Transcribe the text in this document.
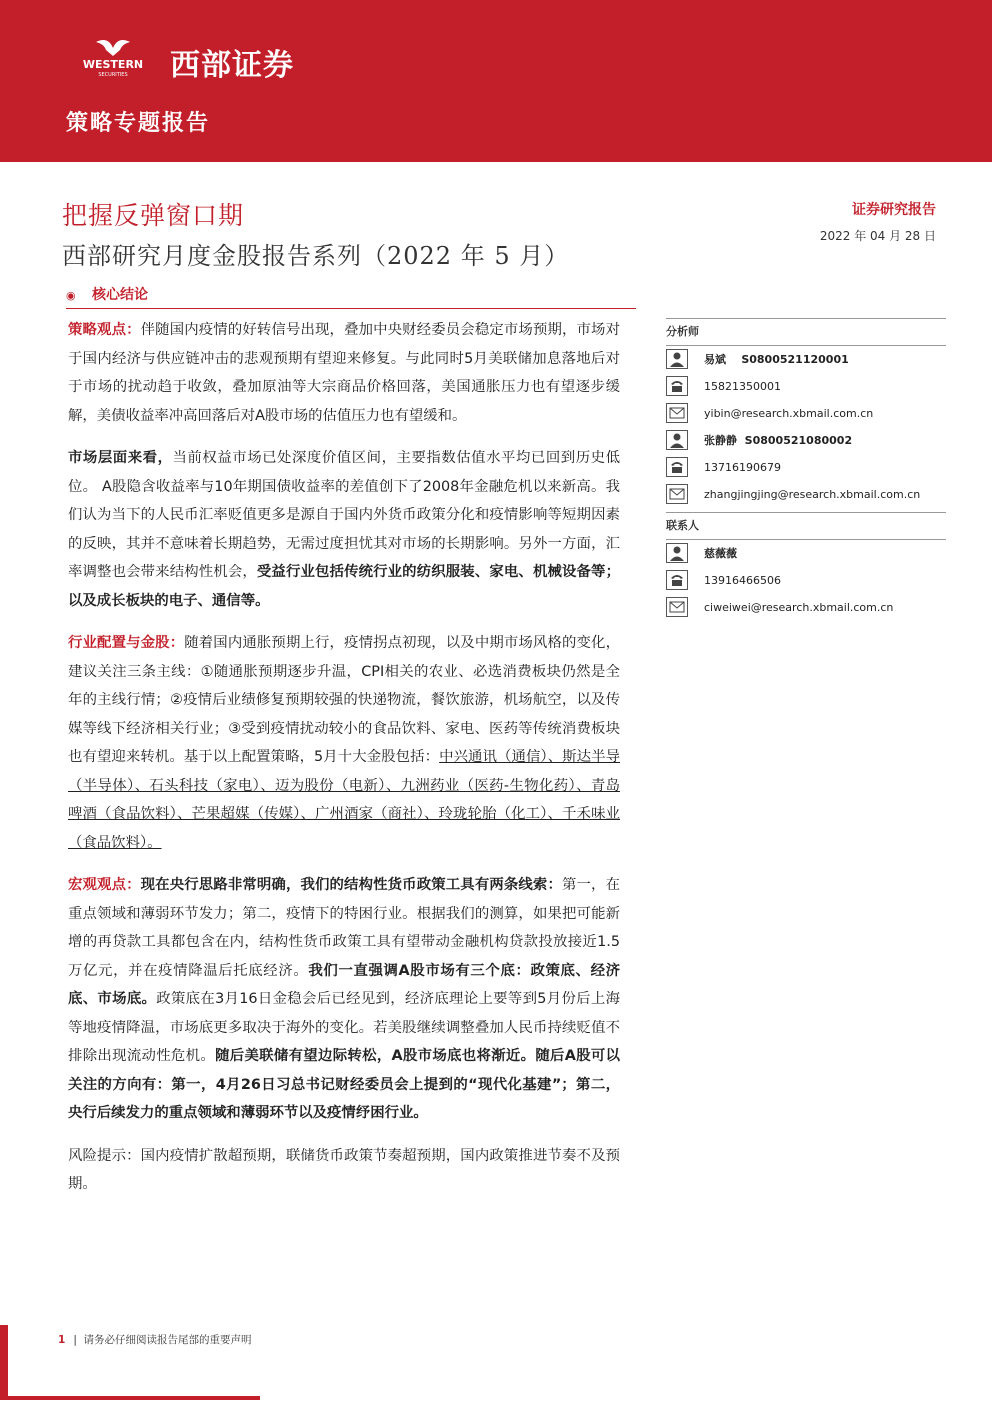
WESTERN
SECURITIES 西部证券
策略专题报告
把握反弹窗口期
西部研究月度金股报告系列（2022 年 5 月）
证券研究报告
2022 年 04 月 28 日
◉ 核心结论

策略观点：伴随国内疫情的好转信号出现，叠加中央财经委员会稳定市场预期，市场对于国内经济与供应链冲击的悲观预期有望迎来修复。与此同时5月美联储加息落地后对于市场的扰动趋于收敛，叠加原油等大宗商品价格回落，美国通胀压力也有望逐步缓解，美债收益率冲高回落后对A股市场的估值压力也有望缓和。

市场层面来看，当前权益市场已处深度价值区间，主要指数估值水平均已回到历史低位。 A股隐含收益率与10年期国债收益率的差值创下了2008年金融危机以来新高。我们认为当下的人民币汇率贬值更多是源自于国内外货币政策分化和疫情影响等短期因素的反映，其并不意味着长期趋势，无需过度担忧其对市场的长期影响。另外一方面，汇率调整也会带来结构性机会，受益行业包括传统行业的纺织服装、家电、机械设备等；以及成长板块的电子、通信等。

行业配置与金股：随着国内通胀预期上行，疫情拐点初现，以及中期市场风格的变化，建议关注三条主线：①随通胀预期逐步升温，CPI相关的农业、必选消费板块仍然是全年的主线行情；②疫情后业绩修复预期较强的快递物流，餐饮旅游，机场航空，以及传媒等线下经济相关行业；③受到疫情扰动较小的食品饮料、家电、医药等传统消费板块也有望迎来转机。基于以上配置策略，5月十大金股包括：中兴通讯（通信）、斯达半导（半导体）、石头科技（家电）、迈为股份（电新）、九洲药业（医药-生物化药）、青岛啤酒（食品饮料）、芒果超媒（传媒）、广州酒家（商社）、玲珑轮胎（化工）、千禾味业（食品饮料）。

宏观观点：现在央行思路非常明确，我们的结构性货币政策工具有两条线索：第一，在重点领域和薄弱环节发力；第二，疫情下的特困行业。根据我们的测算，如果把可能新增的再贷款工具都包含在内，结构性货币政策工具有望带动金融机构贷款投放接近1.5万亿元，并在疫情降温后托底经济。我们一直强调A股市场有三个底：政策底、经济底、市场底。政策底在3月16日金稳会后已经见到，经济底理论上要等到5月份后上海等地疫情降温，市场底更多取决于海外的变化。若美股继续调整叠加人民币持续贬值不排除出现流动性危机。随后美联储有望边际转松，A股市场底也将渐近。随后A股可以关注的方向有：第一，4月26日习总书记财经委员会上提到的“现代化基建”；第二，央行后续发力的重点领域和薄弱环节以及疫情纾困行业。

风险提示：国内疫情扩散超预期，联储货币政策节奏超预期，国内政策推进节奏不及预期。

分析师
易斌 S0800521120001
15821350001
yibin@research.xbmail.com.cn
张静静 S0800521080002
13716190679
zhangjingjing@research.xbmail.com.cn
联系人
慈薇薇
13916466506
ciweiwei@research.xbmail.com.cn
1 | 请务必仔细阅读报告尾部的重要声明
